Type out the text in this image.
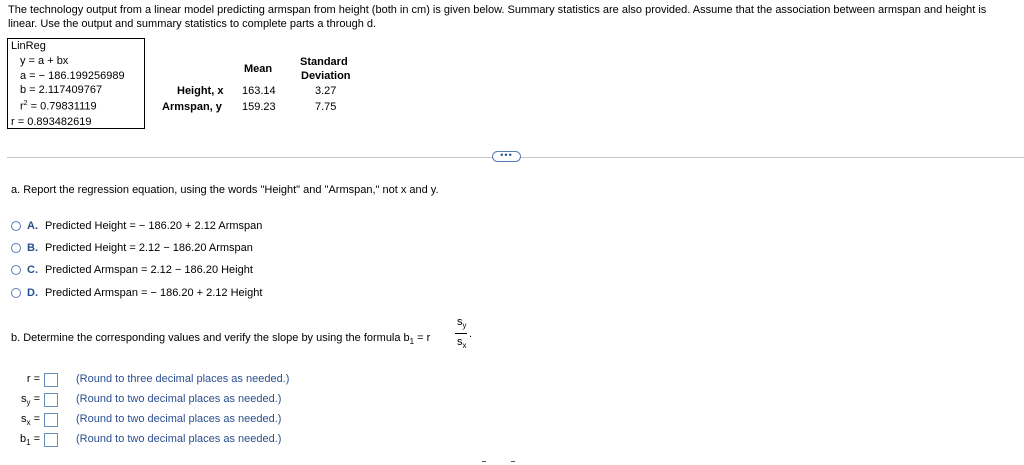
The technology output from a linear model predicting armspan from height (both in cm) is given below. Summary statistics are also provided. Assume that the association between armspan and height is linear. Use the output and summary statistics to complete parts a through d.
LinReg
y = a + bx
a = − 186.199256989
b = 2.117409767
$r^2 = 0.79831119$
r = 0.893482619
Mean
Standard
Deviation
Height, x 163.14	3.27
Armspan, y 159.23	7.75
•••
a. Report the regression equation, using the words "Height" and "Armspan," not x and y.
A. Predicted Height = − 186.20 + 2.12 Armspan
B. Predicted Height = 2.12 − 186.20 Armspan
C. Predicted Armspan = 2.12 − 186.20 Height
D. Predicted Armspan = − 186.20 + 2.12 Height
b. Determine the corresponding values and verify the slope by using the formula $b_1 = r$
$s_y$
$s_x$
.
r =	(Round to three decimal places as needed.)
$s_y$ =	(Round to two decimal places as needed.)
$s_x$ =	(Round to two decimal places as needed.)
$b_1$ =	(Round to two decimal places as needed.)
